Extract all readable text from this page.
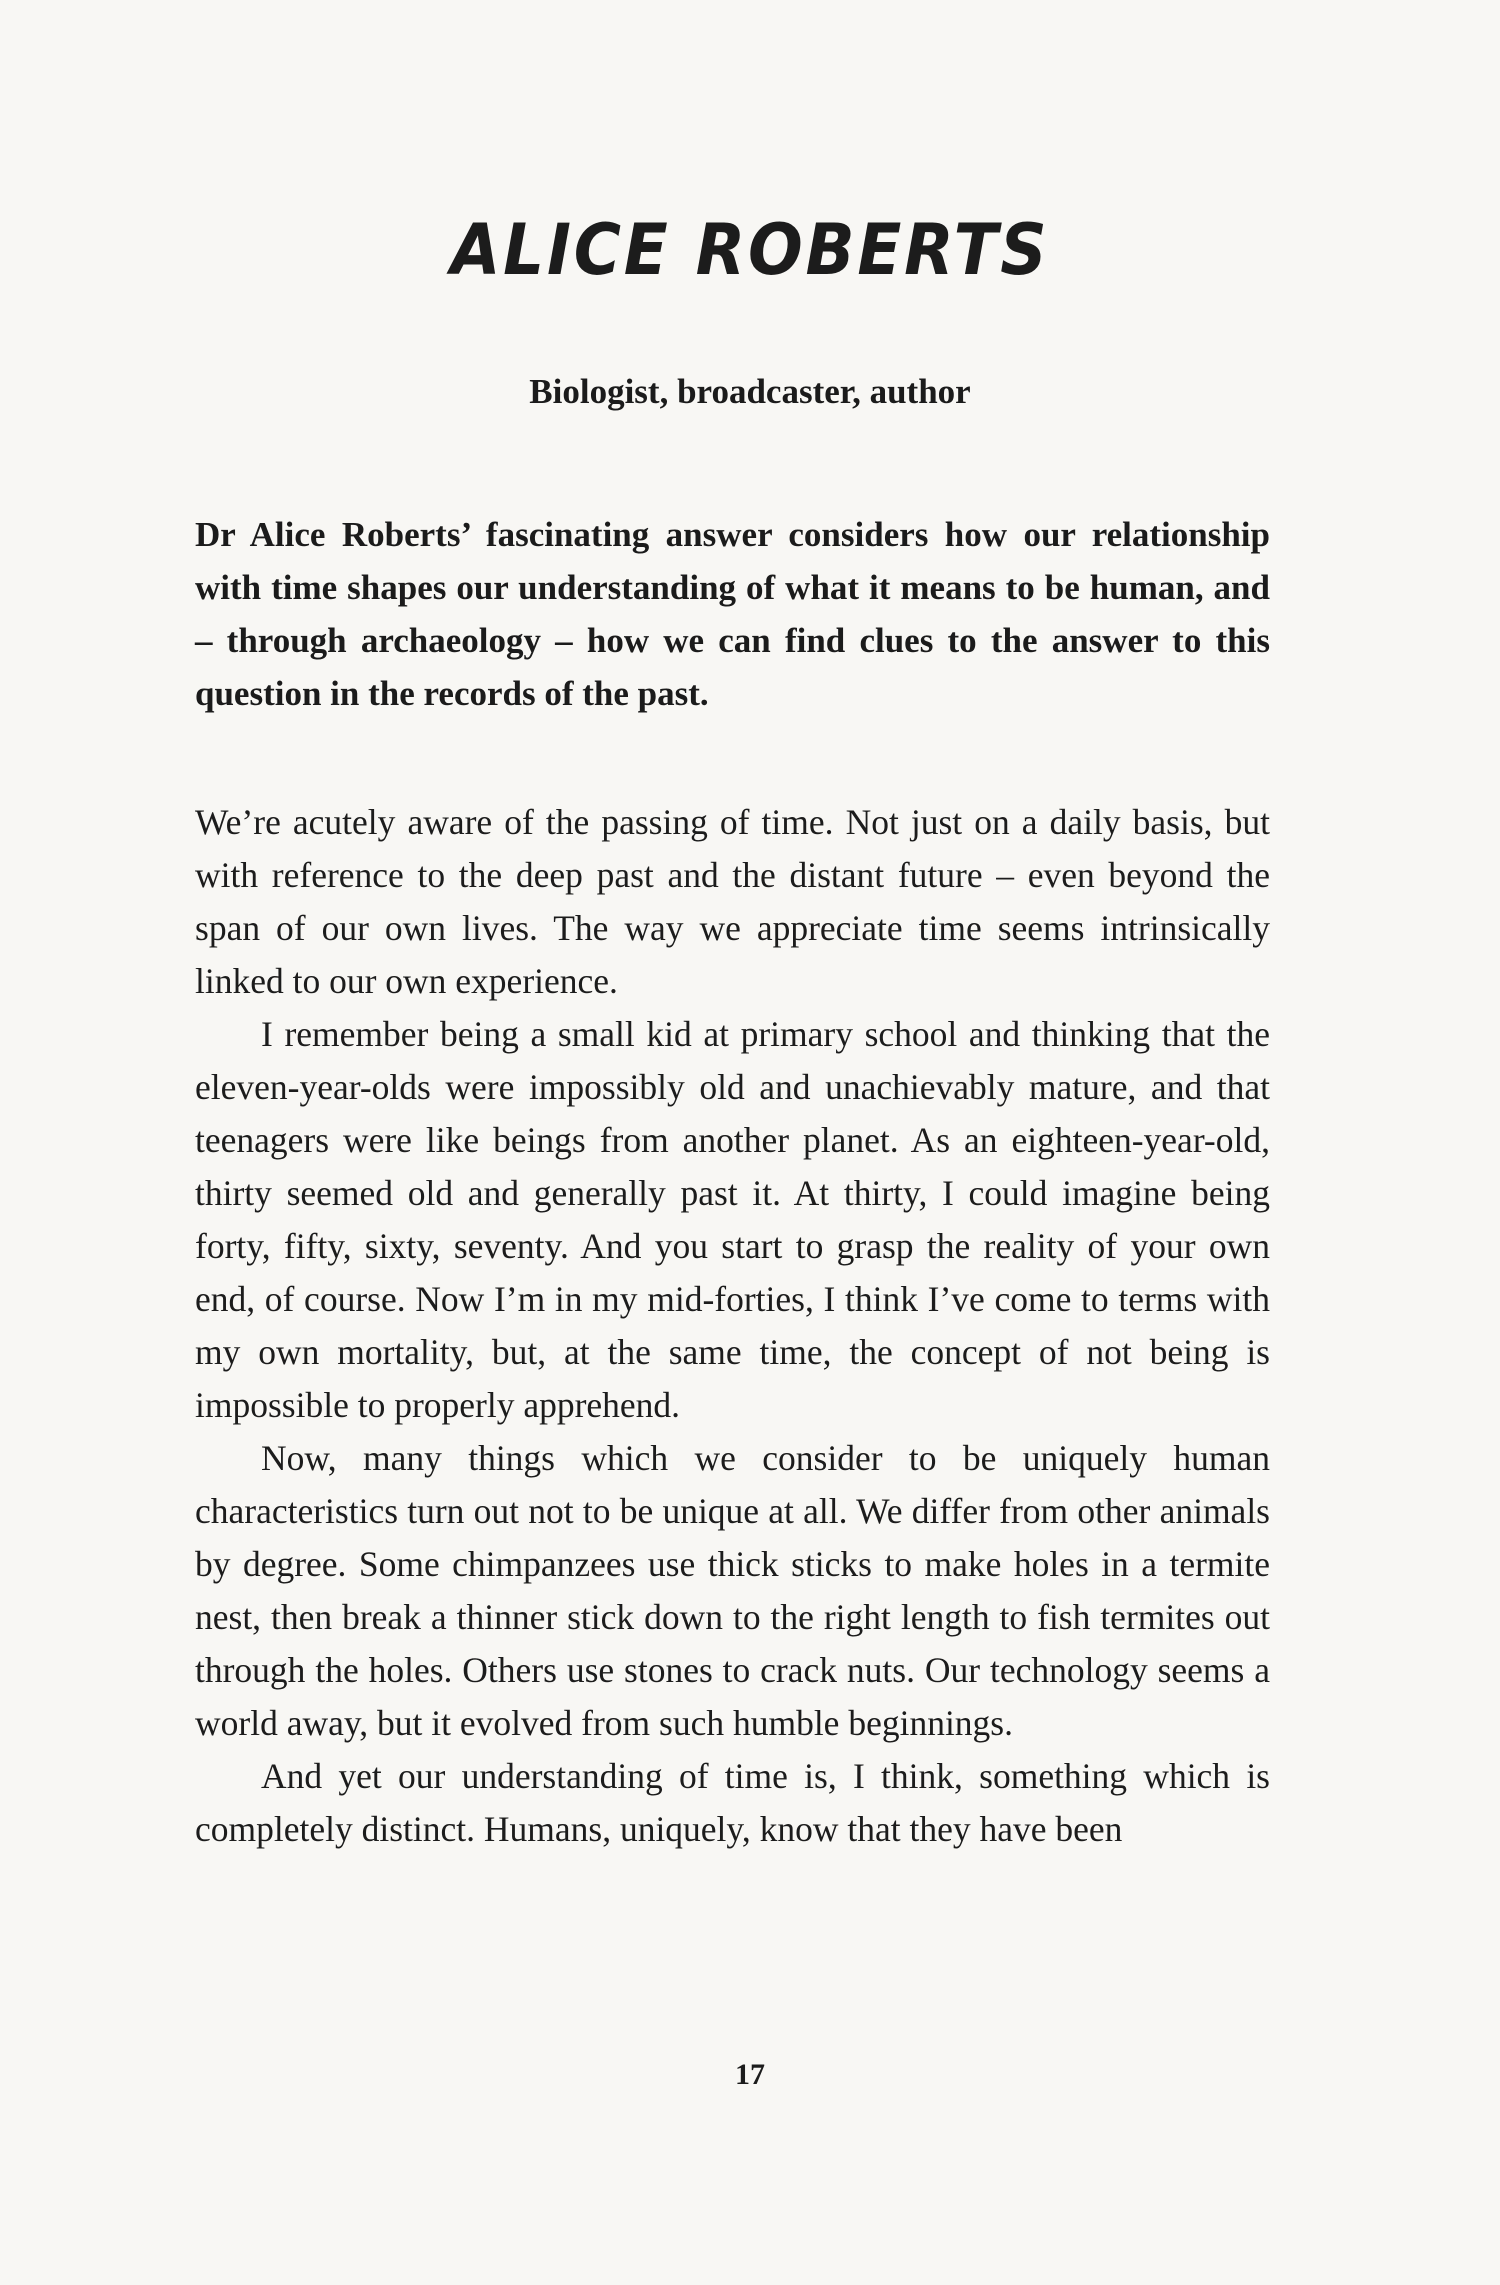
ALICE ROBERTS
Biologist, broadcaster, author
Dr Alice Roberts’ fascinating answer considers how our relationship with time shapes our understanding of what it means to be human, and – through archaeology – how we can find clues to the answer to this question in the records of the past.

We’re acutely aware of the passing of time. Not just on a daily basis, but with reference to the deep past and the distant future – even beyond the span of our own lives. The way we appreciate time seems intrinsically linked to our own experience.

I remember being a small kid at primary school and thinking that the eleven-year-olds were impossibly old and unachievably mature, and that teenagers were like beings from another planet. As an eighteen-year-old, thirty seemed old and generally past it. At thirty, I could imagine being forty, fifty, sixty, seventy. And you start to grasp the reality of your own end, of course. Now I’m in my mid-forties, I think I’ve come to terms with my own mortality, but, at the same time, the concept of not being is impossible to properly apprehend.

Now, many things which we consider to be uniquely human characteristics turn out not to be unique at all. We differ from other animals by degree. Some chimpanzees use thick sticks to make holes in a termite nest, then break a thinner stick down to the right length to fish termites out through the holes. Others use stones to crack nuts. Our technology seems a world away, but it evolved from such humble beginnings.

And yet our understanding of time is, I think, something which is completely distinct. Humans, uniquely, know that they have been

17
